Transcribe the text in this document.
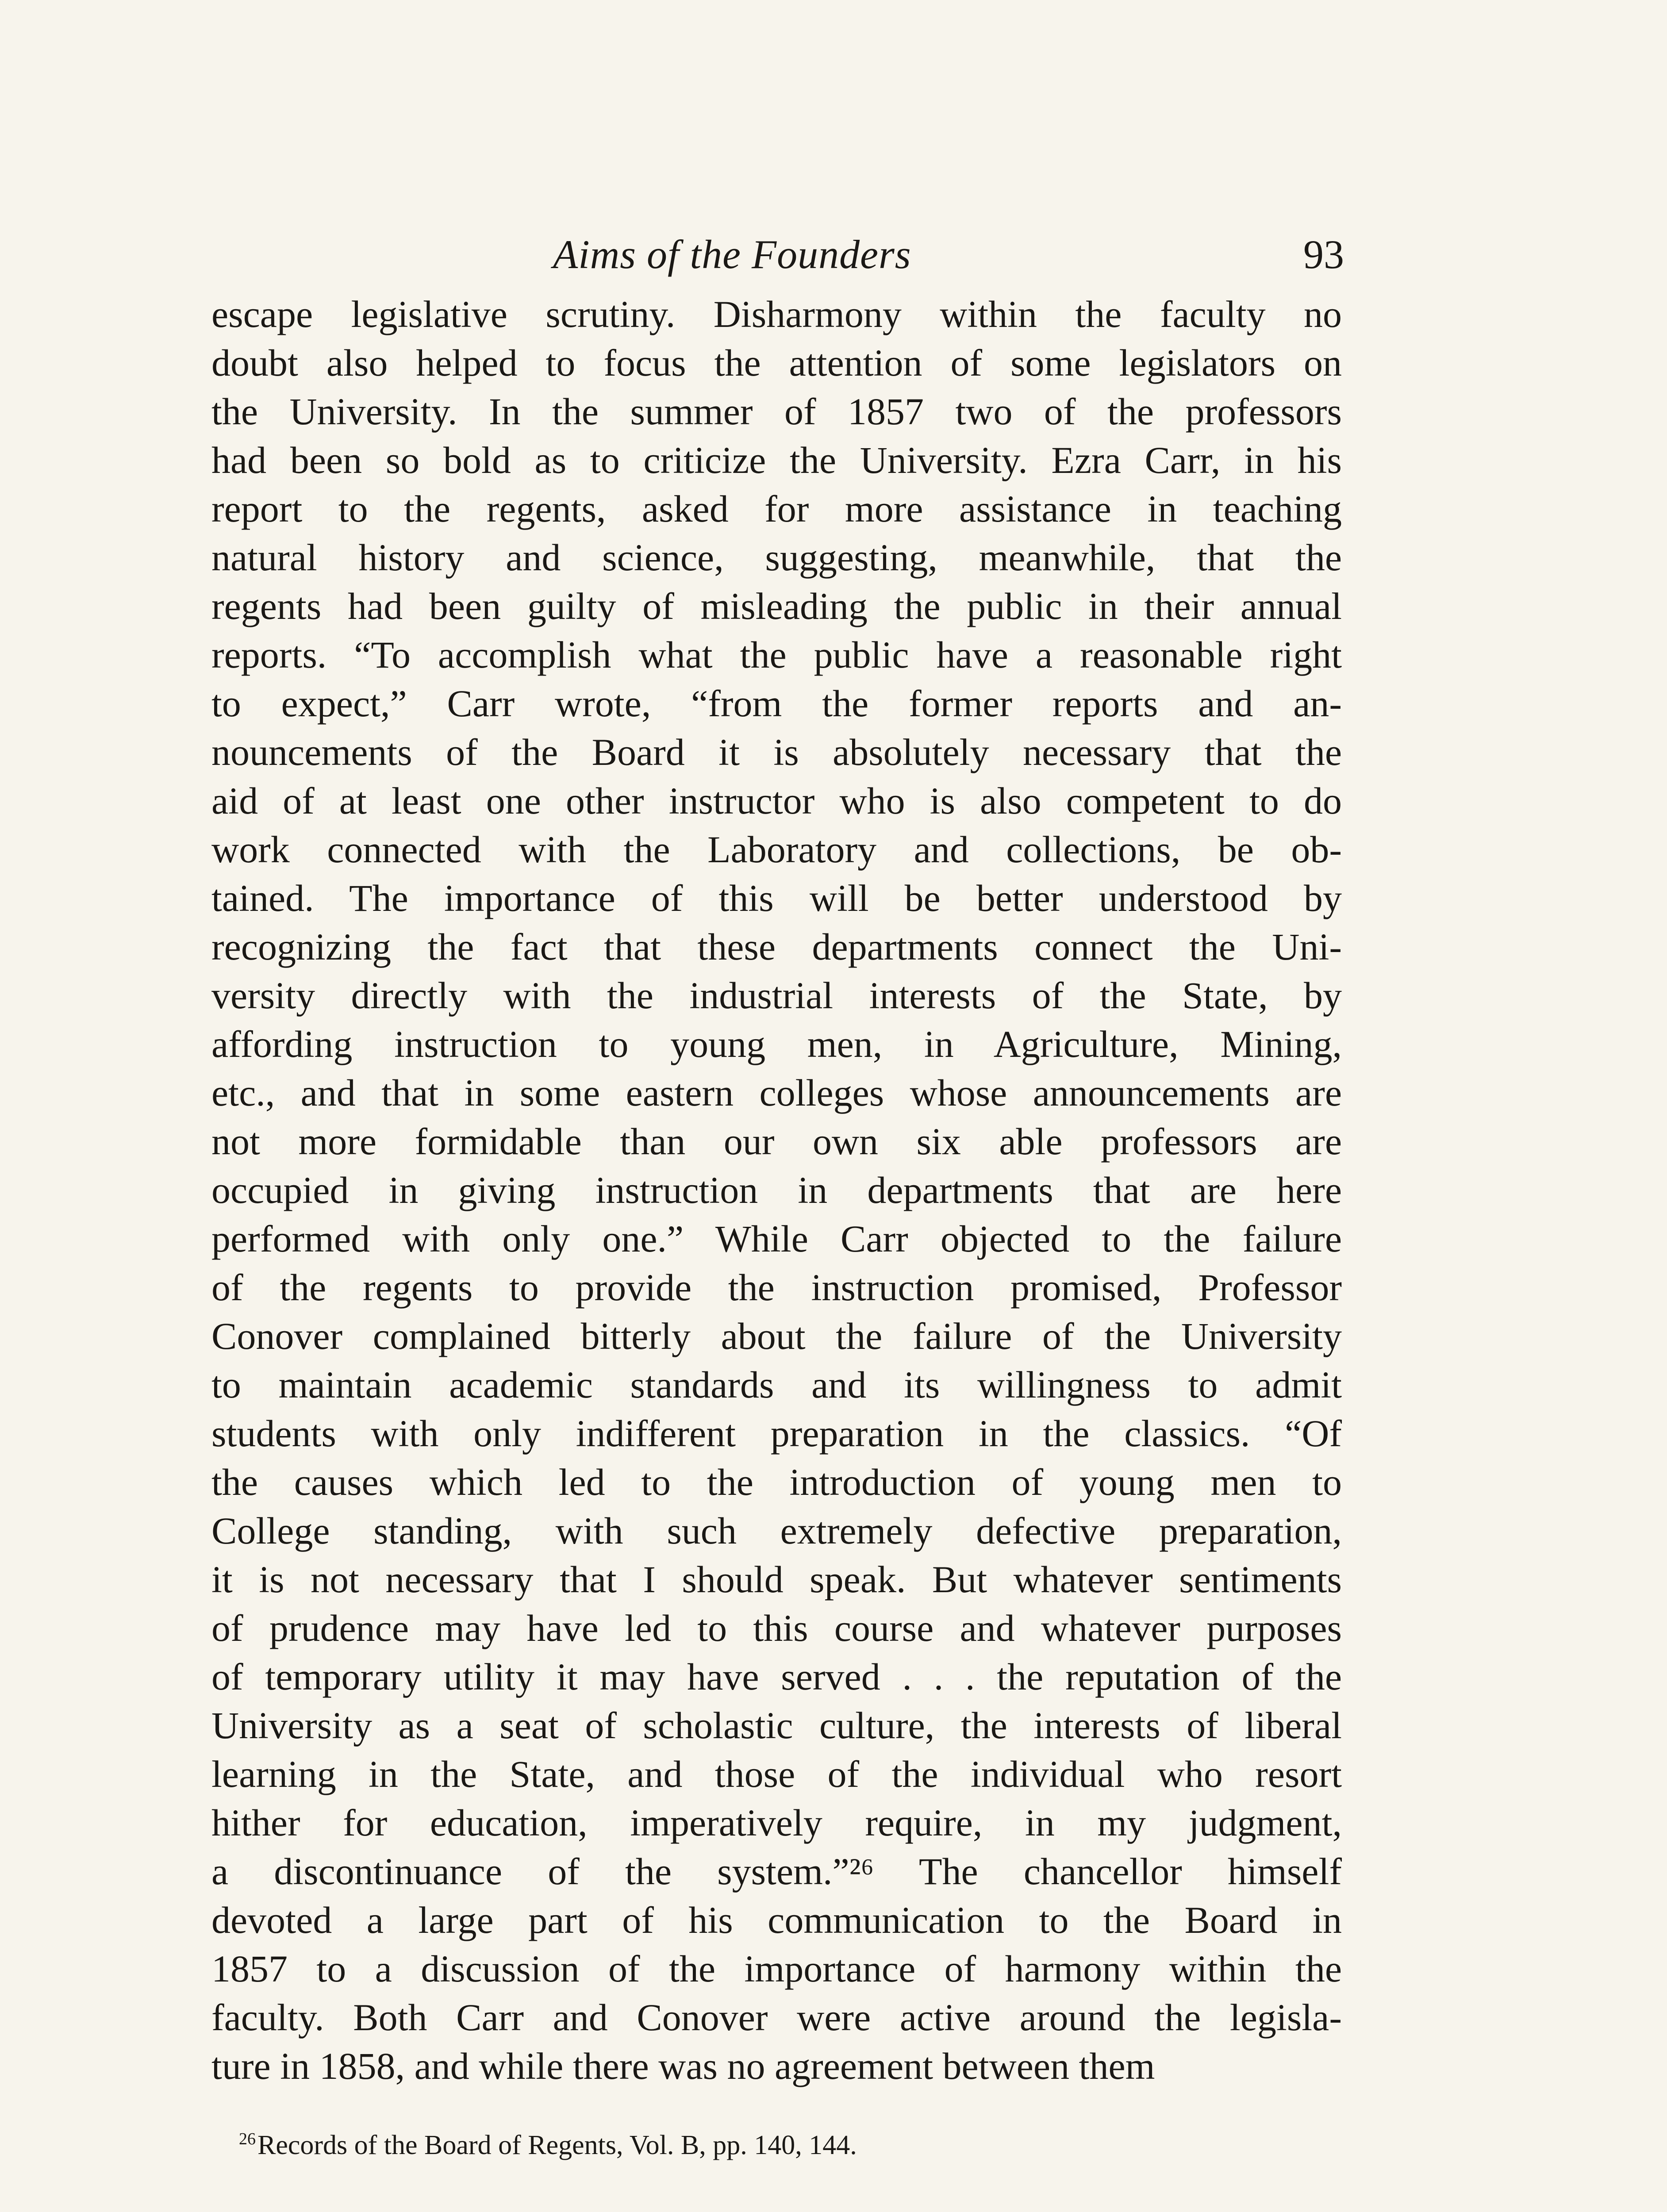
Aims of the Founders	93
escape legislative scrutiny. Disharmony within the faculty no
doubt also helped to focus the attention of some legislators on
the University. In the summer of 1857 two of the professors
had been so bold as to criticize the University. Ezra Carr, in his
report to the regents, asked for more assistance in teaching
natural history and science, suggesting, meanwhile, that the
regents had been guilty of misleading the public in their annual
reports. “To accomplish what the public have a reasonable right
to expect,” Carr wrote, “from the former reports and an-
nouncements of the Board it is absolutely necessary that the
aid of at least one other instructor who is also competent to do
work connected with the Laboratory and collections, be ob-
tained. The importance of this will be better understood by
recognizing the fact that these departments connect the Uni-
versity directly with the industrial interests of the State, by
affording instruction to young men, in Agriculture, Mining,
etc., and that in some eastern colleges whose announcements are
not more formidable than our own six able professors are
occupied in giving instruction in departments that are here
performed with only one.” While Carr objected to the failure
of the regents to provide the instruction promised, Professor
Conover complained bitterly about the failure of the University
to maintain academic standards and its willingness to admit
students with only indifferent preparation in the classics. “Of
the causes which led to the introduction of young men to
College standing, with such extremely defective preparation,
it is not necessary that I should speak. But whatever sentiments
of prudence may have led to this course and whatever purposes
of temporary utility it may have served . . . the reputation of the
University as a seat of scholastic culture, the interests of liberal
learning in the State, and those of the individual who resort
hither for education, imperatively require, in my judgment,
a discontinuance of the system.”²⁶ The chancellor himself
devoted a large part of his communication to the Board in
1857 to a discussion of the importance of harmony within the
faculty. Both Carr and Conover were active around the legisla-
ture in 1858, and while there was no agreement between them
$^{26}$Records of the Board of Regents, Vol. B, pp. 140, 144.
